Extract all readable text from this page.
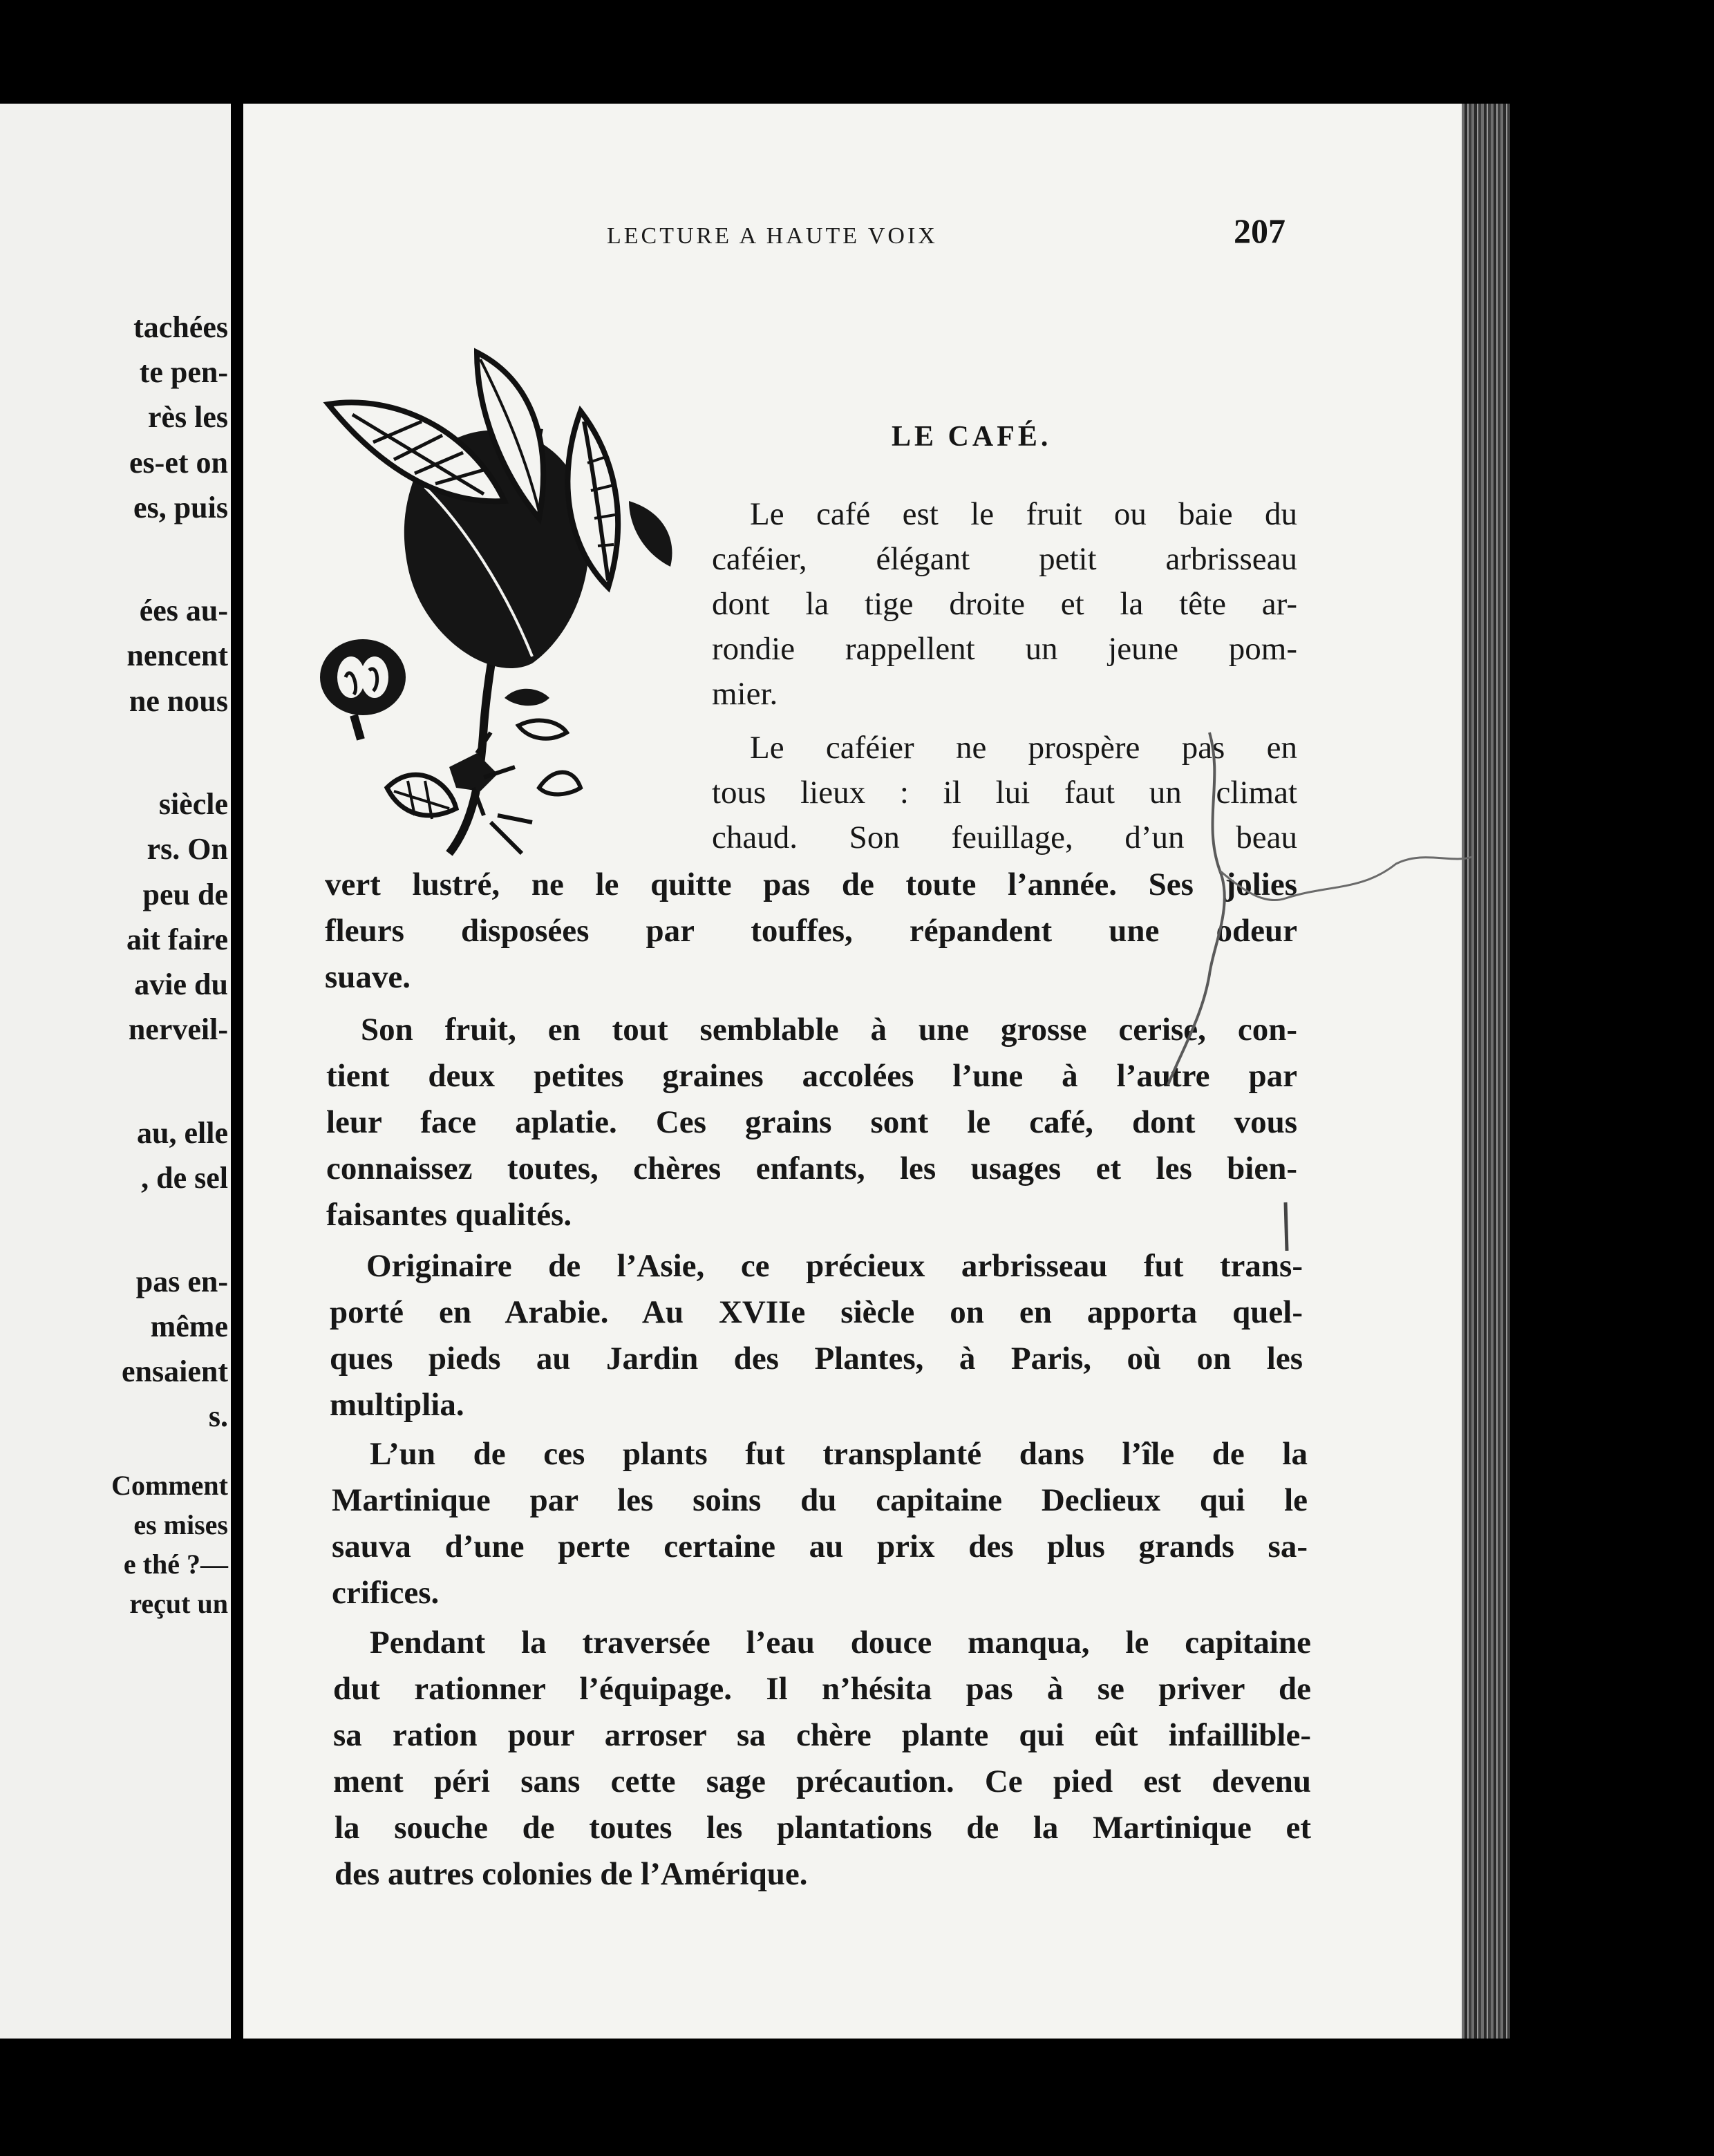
tachées
te pen-
rès les
es-et on
es, puis
ées au-
nencent
ne nous
siècle
rs. On
peu de
ait faire
avie du
nerveil-
au, elle
, de sel
pas en-
même
ensaient
s.
Comment
es mises
e thé ?—
reçut un
LECTURE A HAUTE VOIX	207
LE CAFÉ.
Le café est le fruit ou baie du
caféier, élégant petit arbrisseau
dont la tige droite et la tête ar-
rondie rappellent un jeune pom-
mier.
Le caféier ne prospère pas en
tous lieux : il lui faut un climat
chaud. Son feuillage, d’un beau
vert lustré, ne le quitte pas de toute l’année. Ses jolies
fleurs disposées par touffes, répandent une odeur
suave.
Son fruit, en tout semblable à une grosse cerise, con-
tient deux petites graines accolées l’une à l’autre par
leur face aplatie. Ces grains sont le café, dont vous
connaissez toutes, chères enfants, les usages et les bien-
faisantes qualités.
Originaire de l’Asie, ce précieux arbrisseau fut trans-
porté en Arabie. Au XVIIe siècle on en apporta quel-
ques pieds au Jardin des Plantes, à Paris, où on les
multiplia.
L’un de ces plants fut transplanté dans l’île de la
Martinique par les soins du capitaine Declieux qui le
sauva d’une perte certaine au prix des plus grands sa-
crifices.
Pendant la traversée l’eau douce manqua, le capitaine
dut rationner l’équipage. Il n’hésita pas à se priver de
sa ration pour arroser sa chère plante qui eût infaillible-
ment péri sans cette sage précaution. Ce pied est devenu
la souche de toutes les plantations de la Martinique et
des autres colonies de l’Amérique.
